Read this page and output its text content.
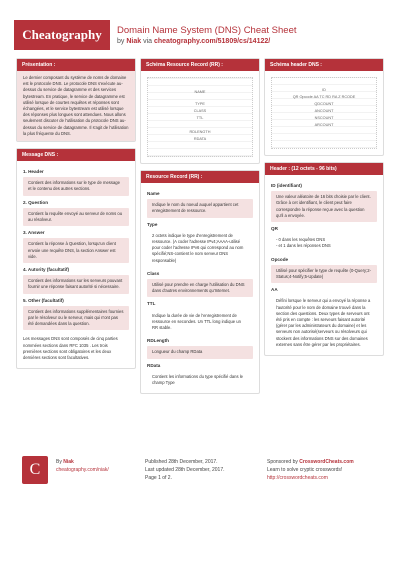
Cheatography	Domain Name System (DNS) Cheat Sheet
by Niak via cheatography.com/51809/cs/14122/
Présentation :
Le dernier composant du système de noms de domaine est le protocole DNS. Le protocole DNS s'exécute au-dessus du service de datagramme et des services bytestream. En pratique, le service de datagramme est utilisé lorsque de courtes requêtes et réponses sont échangées, et le service bytestream est utilisé lorsque des réponses plus longues sont attendues. Nous allons seulement discuter de l'utilisation du protocole DNS au-dessus du service de datagramme. Il s'agit de l'utilisation la plus fréquente du DNS.
Message DNS :
1. Header
Contient des informations sur le type de message et le contenu des autres sections.
2. Question
Contient la requête envoyé au serveur de noms ou au résolveur.
3. Answer
Contient la réponse à Question, lorsqu'un client envoie une requête DNS, la section Answer est vide.
4. Autority (facultatif)
Contient des informations sur les serveurs pouvant fournir une réponse faisant autorité si nécessaire.
5. Other (facultatif)
Contient des informations supplémentaires fournies par le résolveur ou le serveur, mais qui n'ont pas été demandées dans la question.
Les messages DNS sont composés de cinq parties nommées sections dans RFC 1035 . Les trois premières sections sont obligatoires et les deux dernières sections sont facultatives.
Schéma Resource Record (RR) :
NAME
TYPE
CLASS
TTL
RDLENGTH
RDATA
Resource Record (RR) :
Name
Indique le nom du noeud auquel appartient cet enregistrement de ressource.
Type
2 octets indique le type d'enregistrement de ressource. (A coder l'adresse IPv4;AAAA-utilisé pour coder l'adresse IPv6 qui correspond au nom spécifié;NS-contient le nom serveur DNS responsable)
Class
Utilisé pour prendre en charge l'utilisation du DNS dans d'autres environnements qu'Internet.
TTL
Indique la durée de vie de l'enregistrement de ressource en secondes. Un TTL long indique un RR stable.
RDLength
Longueur du champ RData
RData
Contient les informations du type spécifié dans le champ Type
Schéma header DNS :
ID
QR Opcode AA TC RD RA Z RCODE
QDCOUNT
ANCOUNT
NSCOUNT
ARCOUNT
Header : (12 octets - 96 bits)
ID (identifiant)
Une valeur aléatoire de 16 bits choisie par le client. Grâce à cet identifiant, le client peut faire correspondre la réponse reçue avec la question qu'il a envoyée.
QR
- 0 dans les requêtes DNS
- et 1 dans les réponses DNS
Opcode
Utilisé pour spécifier le type de requête (0-Query;2-Status;4-Notify;5-Update)
AA
Défini lorsque le serveur qui a envoyé la réponse a l'autorité pour le nom de domaine trouvé dans la section des questions. Deux types de serveurs ont été pris en compte : les serveurs faisant autorité (gérer par les administrateurs du domaine) et les serveurs non autorisé(serveurs ou résolveurs qui stockent des informations DNS sur des domaines externes sans être gérer par les propriétaires.
C	By Niak
cheatography.com/niak/
Published 28th December, 2017.
Last updated 28th December, 2017.
Page 1 of 2.
Sponsored by CrosswordCheats.com
Learn to solve cryptic crosswords!
http://crosswordcheats.com
